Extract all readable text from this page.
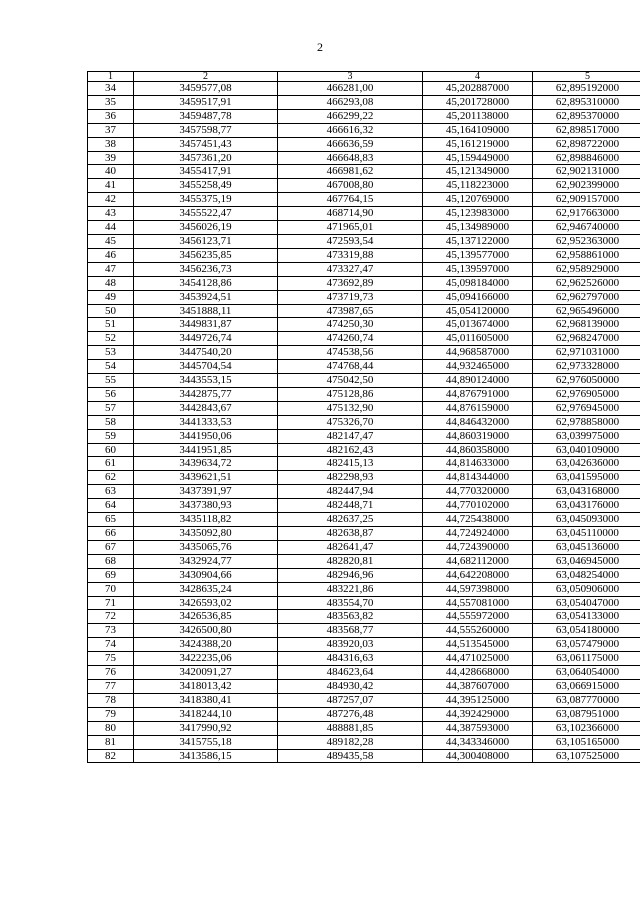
2
1	2	3	4	5
34	3459577,08	466281,00	45,202887000	62,895192000
35	3459517,91	466293,08	45,201728000	62,895310000
36	3459487,78	466299,22	45,201138000	62,895370000
37	3457598,77	466616,32	45,164109000	62,898517000
38	3457451,43	466636,59	45,161219000	62,898722000
39	3457361,20	466648,83	45,159449000	62,898846000
40	3455417,91	466981,62	45,121349000	62,902131000
41	3455258,49	467008,80	45,118223000	62,902399000
42	3455375,19	467764,15	45,120769000	62,909157000
43	3455522,47	468714,90	45,123983000	62,917663000
44	3456026,19	471965,01	45,134989000	62,946740000
45	3456123,71	472593,54	45,137122000	62,952363000
46	3456235,85	473319,88	45,139577000	62,958861000
47	3456236,73	473327,47	45,139597000	62,958929000
48	3454128,86	473692,89	45,098184000	62,962526000
49	3453924,51	473719,73	45,094166000	62,962797000
50	3451888,11	473987,65	45,054120000	62,965496000
51	3449831,87	474250,30	45,013674000	62,968139000
52	3449726,74	474260,74	45,011605000	62,968247000
53	3447540,20	474538,56	44,968587000	62,971031000
54	3445704,54	474768,44	44,932465000	62,973328000
55	3443553,15	475042,50	44,890124000	62,976050000
56	3442875,77	475128,86	44,876791000	62,976905000
57	3442843,67	475132,90	44,876159000	62,976945000
58	3441333,53	475326,70	44,846432000	62,978858000
59	3441950,06	482147,47	44,860319000	63,039975000
60	3441951,85	482162,43	44,860358000	63,040109000
61	3439634,72	482415,13	44,814633000	63,042636000
62	3439621,51	482298,93	44,814344000	63,041595000
63	3437391,97	482447,94	44,770320000	63,043168000
64	3437380,93	482448,71	44,770102000	63,043176000
65	3435118,82	482637,25	44,725438000	63,045093000
66	3435092,80	482638,87	44,724924000	63,045110000
67	3435065,76	482641,47	44,724390000	63,045136000
68	3432924,77	482820,81	44,682112000	63,046945000
69	3430904,66	482946,96	44,642208000	63,048254000
70	3428635,24	483221,86	44,597398000	63,050906000
71	3426593,02	483554,70	44,557081000	63,054047000
72	3426536,85	483563,82	44,555972000	63,054133000
73	3426500,80	483568,77	44,555260000	63,054180000
74	3424388,20	483920,03	44,513545000	63,057479000
75	3422235,06	484316,63	44,471025000	63,061175000
76	3420091,27	484623,64	44,428668000	63,064054000
77	3418013,42	484930,42	44,387607000	63,066915000
78	3418380,41	487257,07	44,395125000	63,087770000
79	3418244,10	487276,48	44,392429000	63,087951000
80	3417990,92	488881,85	44,387593000	63,102366000
81	3415755,18	489182,28	44,343346000	63,105165000
82	3413586,15	489435,58	44,300408000	63,107525000
